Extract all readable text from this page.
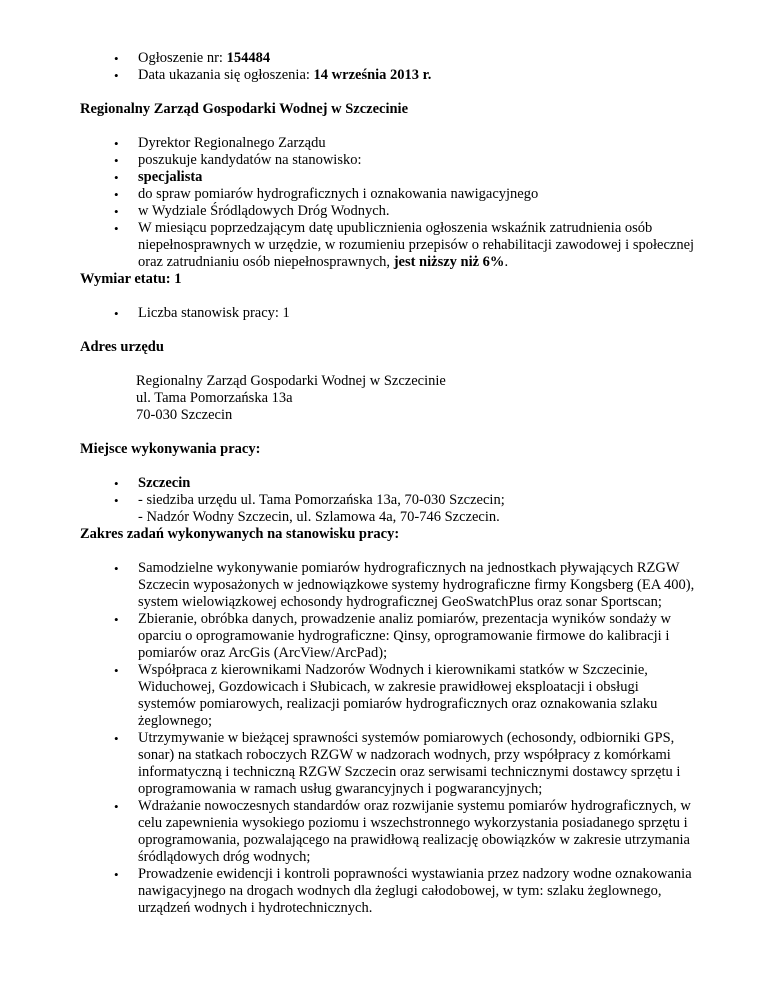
• Ogłoszenie nr: 154484
• Data ukazania się ogłoszenia: 14 września 2013 r.
Regionalny Zarząd Gospodarki Wodnej w Szczecinie
• Dyrektor Regionalnego Zarządu
• poszukuje kandydatów na stanowisko:
• specjalista
• do spraw pomiarów hydrograficznych i oznakowania nawigacyjnego
• w Wydziale Śródlądowych Dróg Wodnych.
• W miesiącu poprzedzającym datę upublicznienia ogłoszenia wskaźnik zatrudnienia osób niepełnosprawnych w urzędzie, w rozumieniu przepisów o rehabilitacji zawodowej i społecznej oraz zatrudnianiu osób niepełnosprawnych, jest niższy niż 6%.
Wymiar etatu: 1
• Liczba stanowisk pracy: 1
Adres urzędu
Regionalny Zarząd Gospodarki Wodnej w Szczecinie
ul. Tama Pomorzańska 13a
70-030 Szczecin
Miejsce wykonywania pracy:
• Szczecin
• - siedziba urzędu ul. Tama Pomorzańska 13a, 70-030 Szczecin;
- Nadzór Wodny Szczecin, ul. Szlamowa 4a, 70-746 Szczecin.
Zakres zadań wykonywanych na stanowisku pracy:
• Samodzielne wykonywanie pomiarów hydrograficznych na jednostkach pływających RZGW Szczecin wyposażonych w jednowiązkowe systemy hydrograficzne firmy Kongsberg (EA 400), system wielowiązkowej echosondy hydrograficznej GeoSwatchPlus oraz sonar Sportscan;
• Zbieranie, obróbka danych, prowadzenie analiz pomiarów, prezentacja wyników sondaży w oparciu o oprogramowanie hydrograficzne: Qinsy, oprogramowanie firmowe do kalibracji i pomiarów oraz ArcGis (ArcView/ArcPad);
• Współpraca z kierownikami Nadzorów Wodnych i kierownikami statków w Szczecinie, Widuchowej, Gozdowicach i Słubicach, w zakresie prawidłowej eksploatacji i obsługi systemów pomiarowych, realizacji pomiarów hydrograficznych oraz oznakowania szlaku żeglownego;
• Utrzymywanie w bieżącej sprawności systemów pomiarowych (echosondy, odbiorniki GPS, sonar) na statkach roboczych RZGW w nadzorach wodnych, przy współpracy z komórkami informatyczną i techniczną RZGW Szczecin oraz serwisami technicznymi dostawcy sprzętu i oprogramowania w ramach usług gwarancyjnych i pogwarancyjnych;
• Wdrażanie nowoczesnych standardów oraz rozwijanie systemu pomiarów hydrograficznych, w celu zapewnienia wysokiego poziomu i wszechstronnego wykorzystania posiadanego sprzętu i oprogramowania, pozwalającego na prawidłową realizację obowiązków w zakresie utrzymania śródlądowych dróg wodnych;
• Prowadzenie ewidencji i kontroli poprawności wystawiania przez nadzory wodne oznakowania nawigacyjnego na drogach wodnych dla żeglugi całodobowej, w tym: szlaku żeglownego, urządzeń wodnych i hydrotechnicznych.
